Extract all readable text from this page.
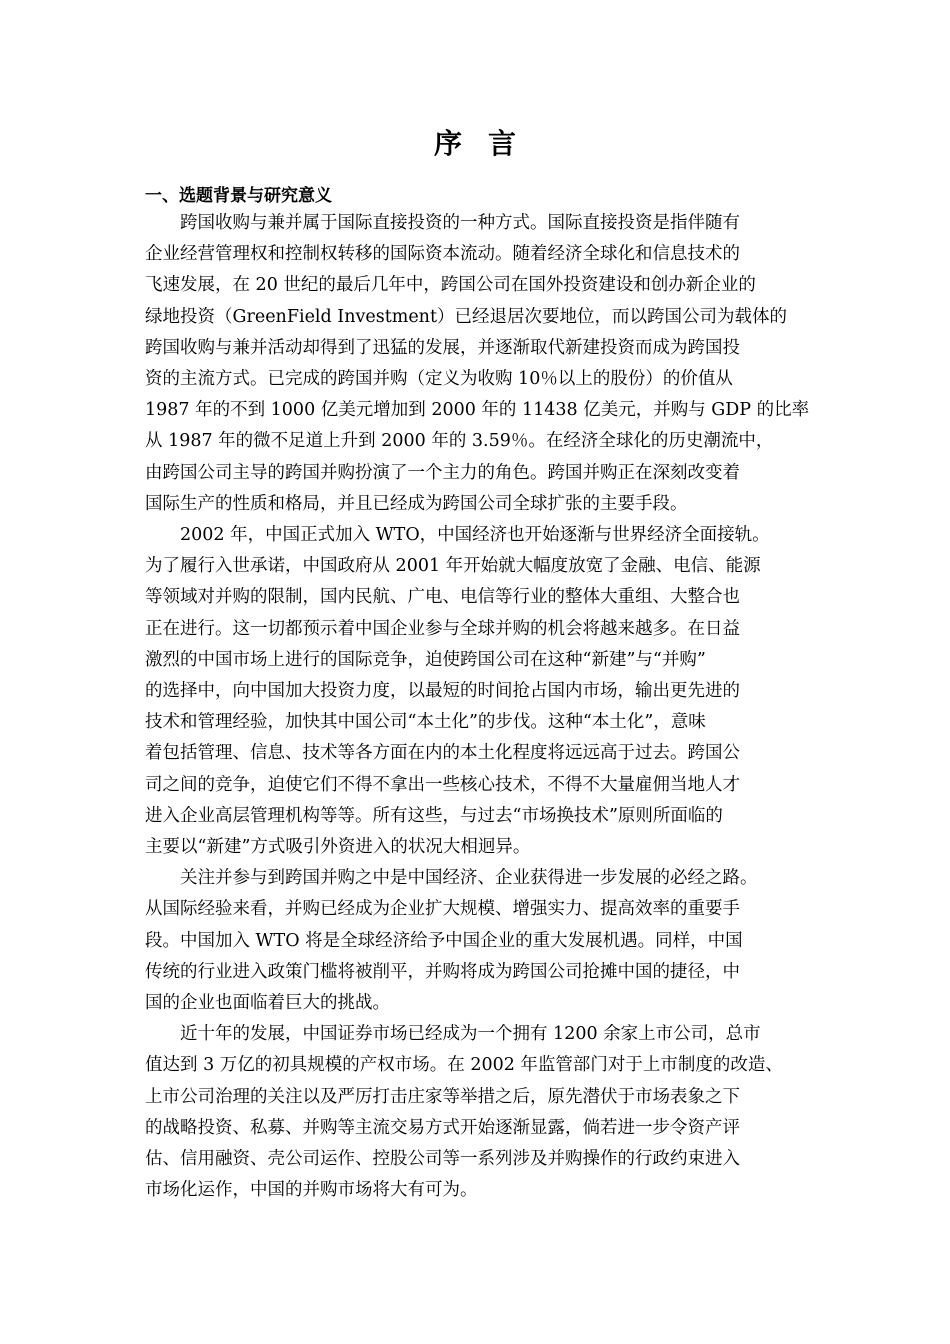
序言
一、选题背景与研究意义

跨国收购与兼并属于国际直接投资的一种方式。国际直接投资是指伴随有
企业经营管理权和控制权转移的国际资本流动。随着经济全球化和信息技术的
飞速发展，在 20 世纪的最后几年中，跨国公司在国外投资建设和创办新企业的
绿地投资（GreenField Investment）已经退居次要地位，而以跨国公司为载体的
跨国收购与兼并活动却得到了迅猛的发展，并逐渐取代新建投资而成为跨国投
资的主流方式。已完成的跨国并购（定义为收购 10％以上的股份）的价值从
1987 年的不到 1000 亿美元增加到 2000 年的 11438 亿美元，并购与 GDP 的比率
从 1987 年的微不足道上升到 2000 年的 3.59％。在经济全球化的历史潮流中，
由跨国公司主导的跨国并购扮演了一个主力的角色。跨国并购正在深刻改变着
国际生产的性质和格局，并且已经成为跨国公司全球扩张的主要手段。

2002 年，中国正式加入 WTO，中国经济也开始逐渐与世界经济全面接轨。
为了履行入世承诺，中国政府从 2001 年开始就大幅度放宽了金融、电信、能源
等领域对并购的限制，国内民航、广电、电信等行业的整体大重组、大整合也
正在进行。这一切都预示着中国企业参与全球并购的机会将越来越多。在日益
激烈的中国市场上进行的国际竞争，迫使跨国公司在这种“新建”与“并购”
的选择中，向中国加大投资力度，以最短的时间抢占国内市场，输出更先进的
技术和管理经验，加快其中国公司“本土化”的步伐。这种“本土化”，意味
着包括管理、信息、技术等各方面在内的本土化程度将远远高于过去。跨国公
司之间的竞争，迫使它们不得不拿出一些核心技术，不得不大量雇佣当地人才
进入企业高层管理机构等等。所有这些，与过去“市场换技术”原则所面临的
主要以“新建”方式吸引外资进入的状况大相迥异。

关注并参与到跨国并购之中是中国经济、企业获得进一步发展的必经之路。
从国际经验来看，并购已经成为企业扩大规模、增强实力、提高效率的重要手
段。中国加入 WTO 将是全球经济给予中国企业的重大发展机遇。同样，中国
传统的行业进入政策门槛将被削平，并购将成为跨国公司抢摊中国的捷径，中
国的企业也面临着巨大的挑战。

近十年的发展，中国证券市场已经成为一个拥有 1200 余家上市公司，总市
值达到 3 万亿的初具规模的产权市场。在 2002 年监管部门对于上市制度的改造、
上市公司治理的关注以及严厉打击庄家等举措之后，原先潜伏于市场表象之下
的战略投资、私募、并购等主流交易方式开始逐渐显露，倘若进一步令资产评
估、信用融资、壳公司运作、控股公司等一系列涉及并购操作的行政约束进入
市场化运作，中国的并购市场将大有可为。
